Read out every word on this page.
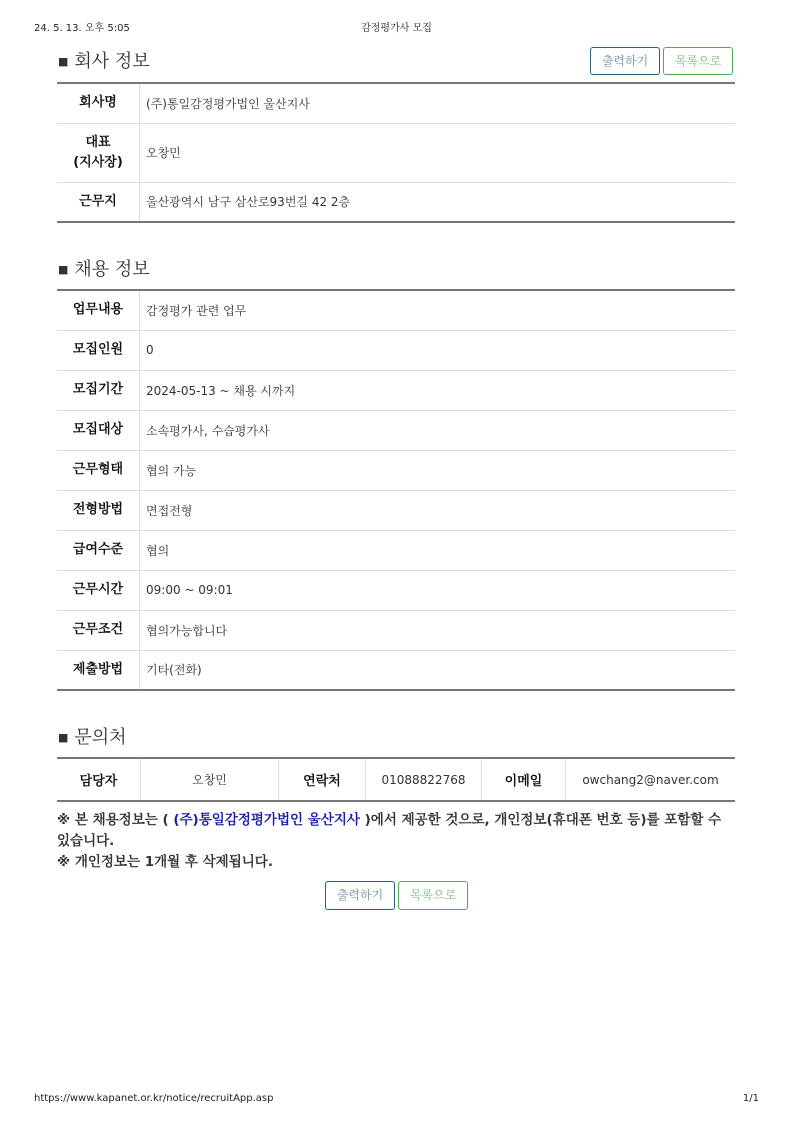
24. 5. 13. 오후 5:05	감정평가사 모집
■ 회사 정보	출력하기	목록으로
회사명	(주)통일감정평가법인 울산지사

대표
(지사장)	오창민
근무지	울산광역시 남구 삼산로93번길 42 2층
■ 채용 정보
업무내용	감정평가 관련 업무
모집인원	0
모집기간	2024-05-13 ~ 채용 시까지
모집대상	소속평가사, 수습평가사
근무형태	협의 가능
전형방법	면접전형
급여수준	협의
근무시간	09:00 ~ 09:01
근무조건	협의가능합니다
제출방법	기타(전화)
■ 문의처
담당자	오창민	연락처	01088822768	이메일	owchang2@naver.com
※ 본 채용정보는 ( (주)통일감정평가법인 울산지사 )에서 제공한 것으로, 개인정보(휴대폰 번호 등)를 포함할 수 있습니다.
※ 개인정보는 1개월 후 삭제됩니다.
출력하기	목록으로
https://www.kapanet.or.kr/notice/recruitApp.asp	1/1
